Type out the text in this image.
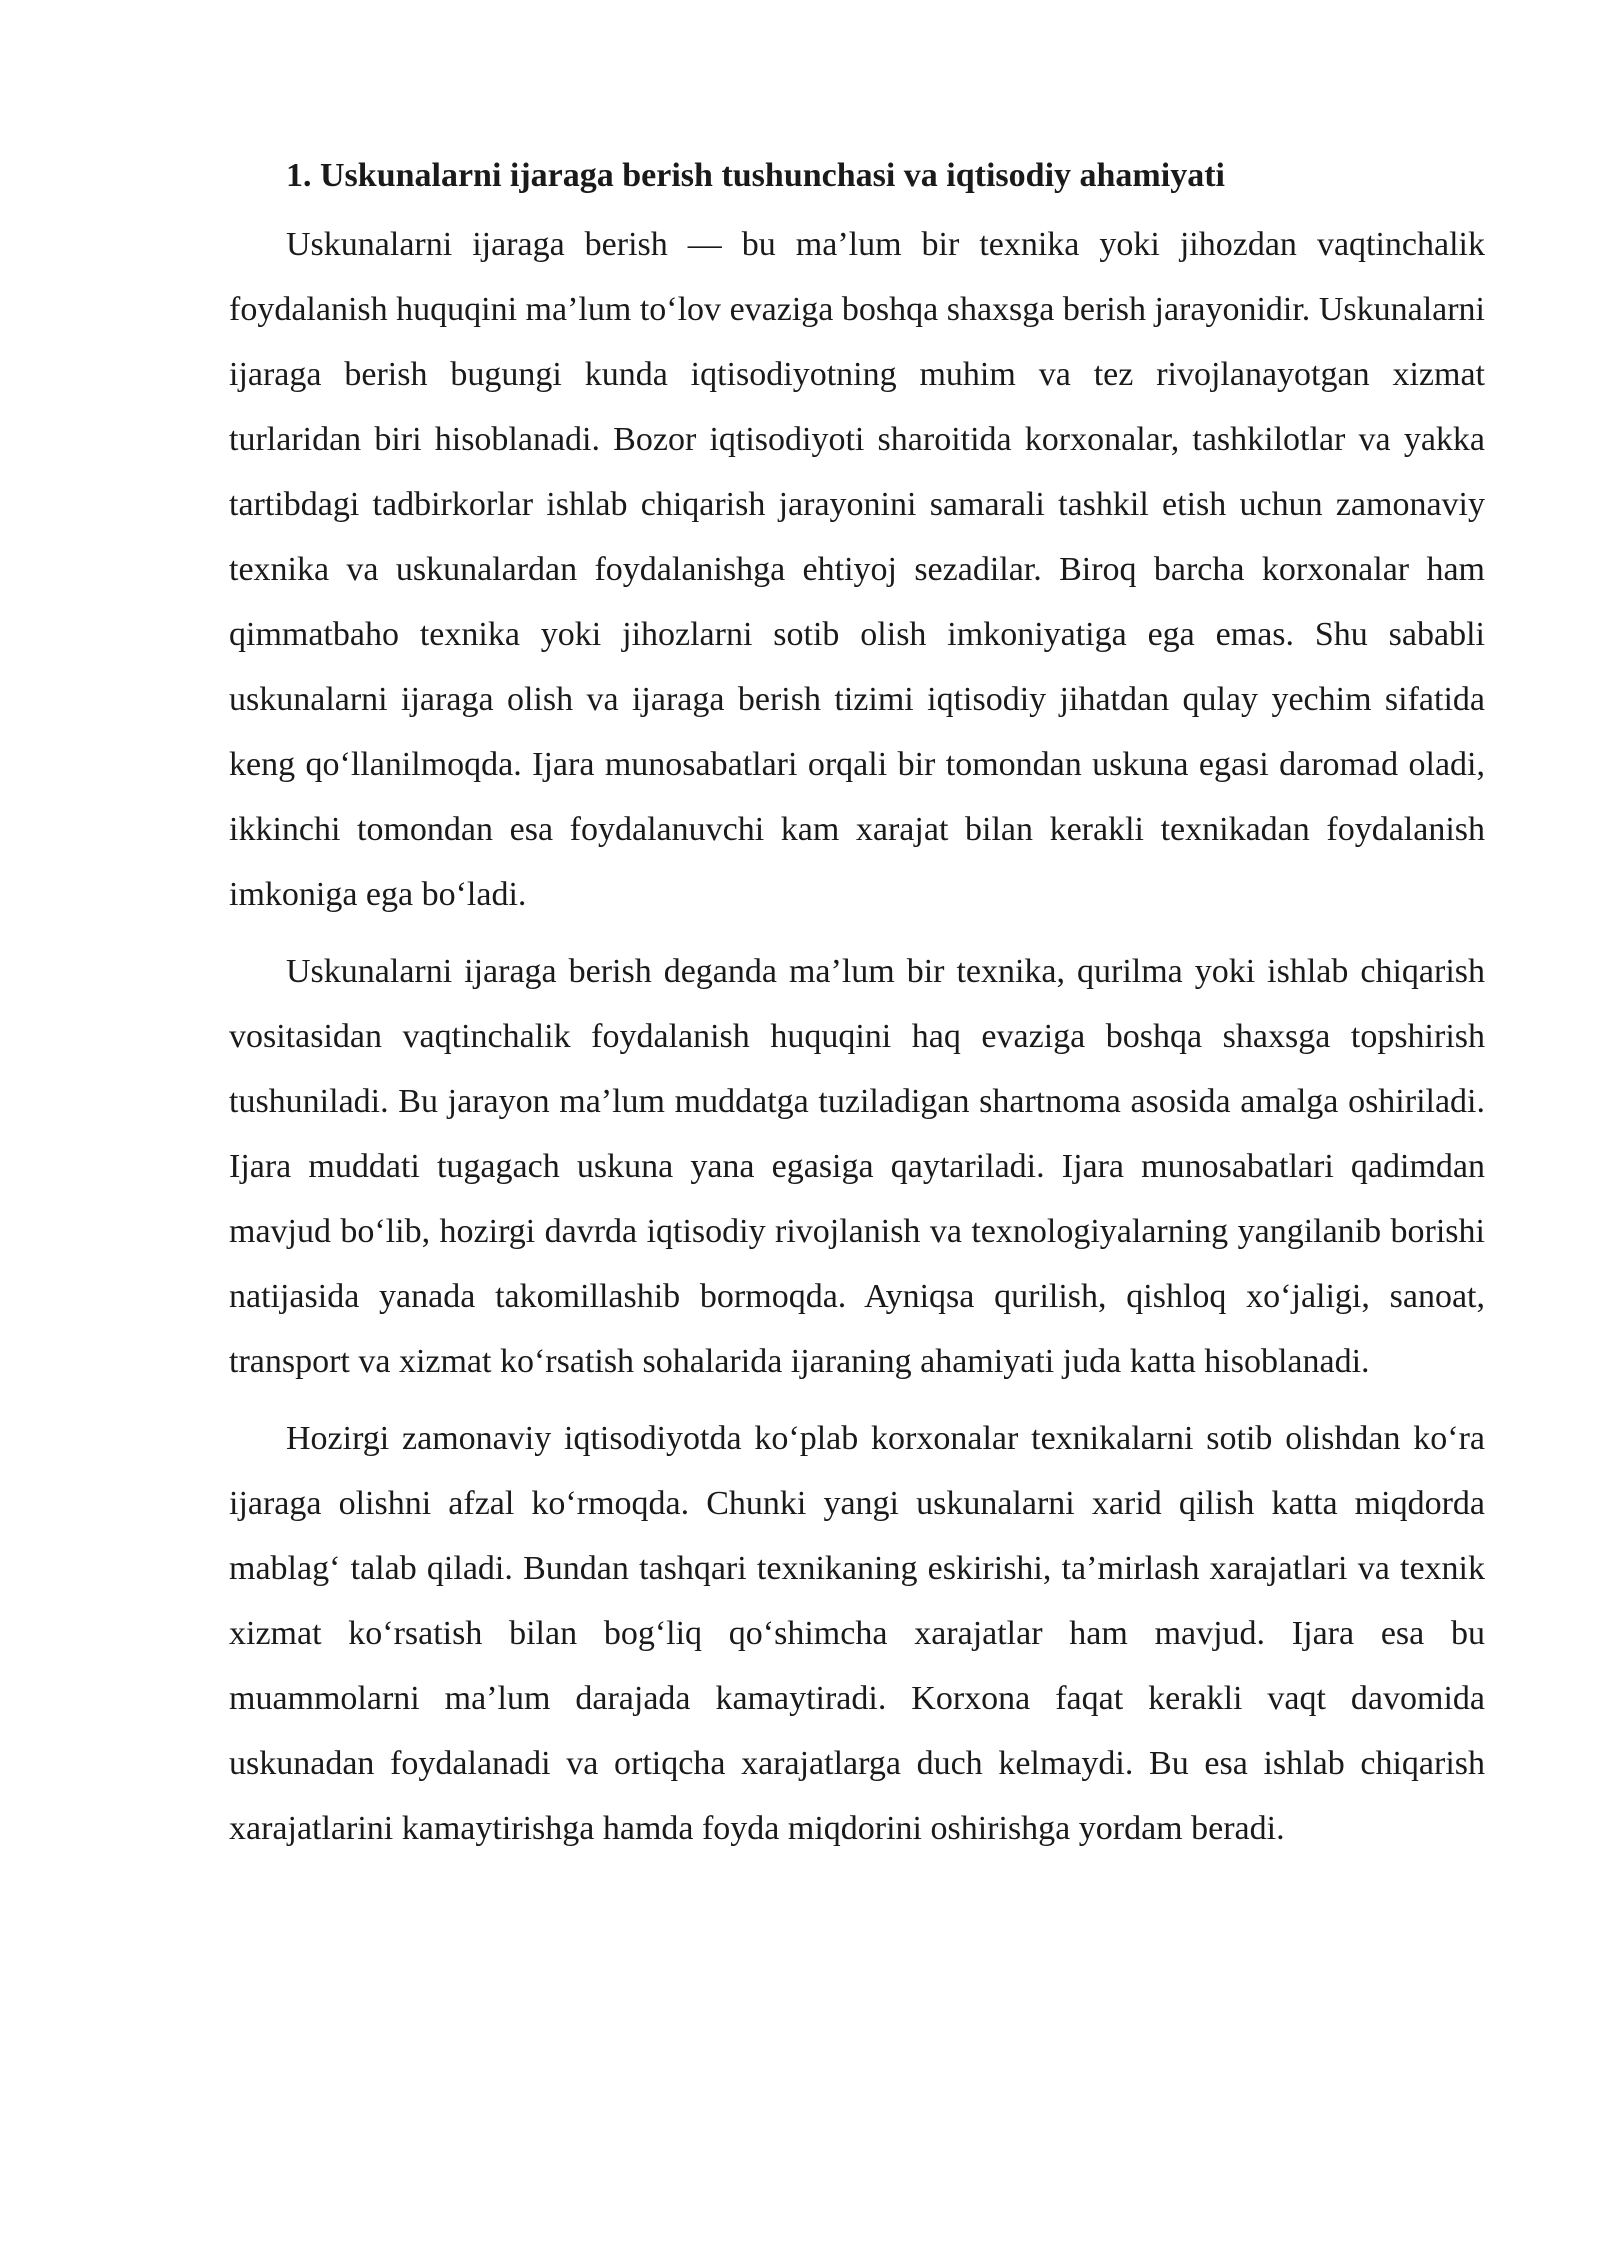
1. Uskunalarni ijaraga berish tushunchasi va iqtisodiy ahamiyati

Uskunalarni ijaraga berish — bu ma’lum bir texnika yoki jihozdan vaqtinchalik foydalanish huquqini ma’lum to‘lov evaziga boshqa shaxsga berish jarayonidir. Uskunalarni ijaraga berish bugungi kunda iqtisodiyotning muhim va tez rivojlanayotgan xizmat turlaridan biri hisoblanadi. Bozor iqtisodiyoti sharoitida korxonalar, tashkilotlar va yakka tartibdagi tadbirkorlar ishlab chiqarish jarayonini samarali tashkil etish uchun zamonaviy texnika va uskunalardan foydalanishga ehtiyoj sezadilar. Biroq barcha korxonalar ham qimmatbaho texnika yoki jihozlarni sotib olish imkoniyatiga ega emas. Shu sababli uskunalarni ijaraga olish va ijaraga berish tizimi iqtisodiy jihatdan qulay yechim sifatida keng qo‘llanilmoqda. Ijara munosabatlari orqali bir tomondan uskuna egasi daromad oladi, ikkinchi tomondan esa foydalanuvchi kam xarajat bilan kerakli texnikadan foydalanish imkoniga ega bo‘ladi.

Uskunalarni ijaraga berish deganda ma’lum bir texnika, qurilma yoki ishlab chiqarish vositasidan vaqtinchalik foydalanish huquqini haq evaziga boshqa shaxsga topshirish tushuniladi. Bu jarayon ma’lum muddatga tuziladigan shartnoma asosida amalga oshiriladi. Ijara muddati tugagach uskuna yana egasiga qaytariladi. Ijara munosabatlari qadimdan mavjud bo‘lib, hozirgi davrda iqtisodiy rivojlanish va texnologiyalarning yangilanib borishi natijasida yanada takomillashib bormoqda. Ayniqsa qurilish, qishloq xo‘jaligi, sanoat, transport va xizmat ko‘rsatish sohalarida ijaraning ahamiyati juda katta hisoblanadi.

Hozirgi zamonaviy iqtisodiyotda ko‘plab korxonalar texnikalarni sotib olishdan ko‘ra ijaraga olishni afzal ko‘rmoqda. Chunki yangi uskunalarni xarid qilish katta miqdorda mablag‘ talab qiladi. Bundan tashqari texnikaning eskirishi, ta’mirlash xarajatlari va texnik xizmat ko‘rsatish bilan bog‘liq qo‘shimcha xarajatlar ham mavjud. Ijara esa bu muammolarni ma’lum darajada kamaytiradi. Korxona faqat kerakli vaqt davomida uskunadan foydalanadi va ortiqcha xarajatlarga duch kelmaydi. Bu esa ishlab chiqarish xarajatlarini kamaytirishga hamda foyda miqdorini oshirishga yordam beradi.
